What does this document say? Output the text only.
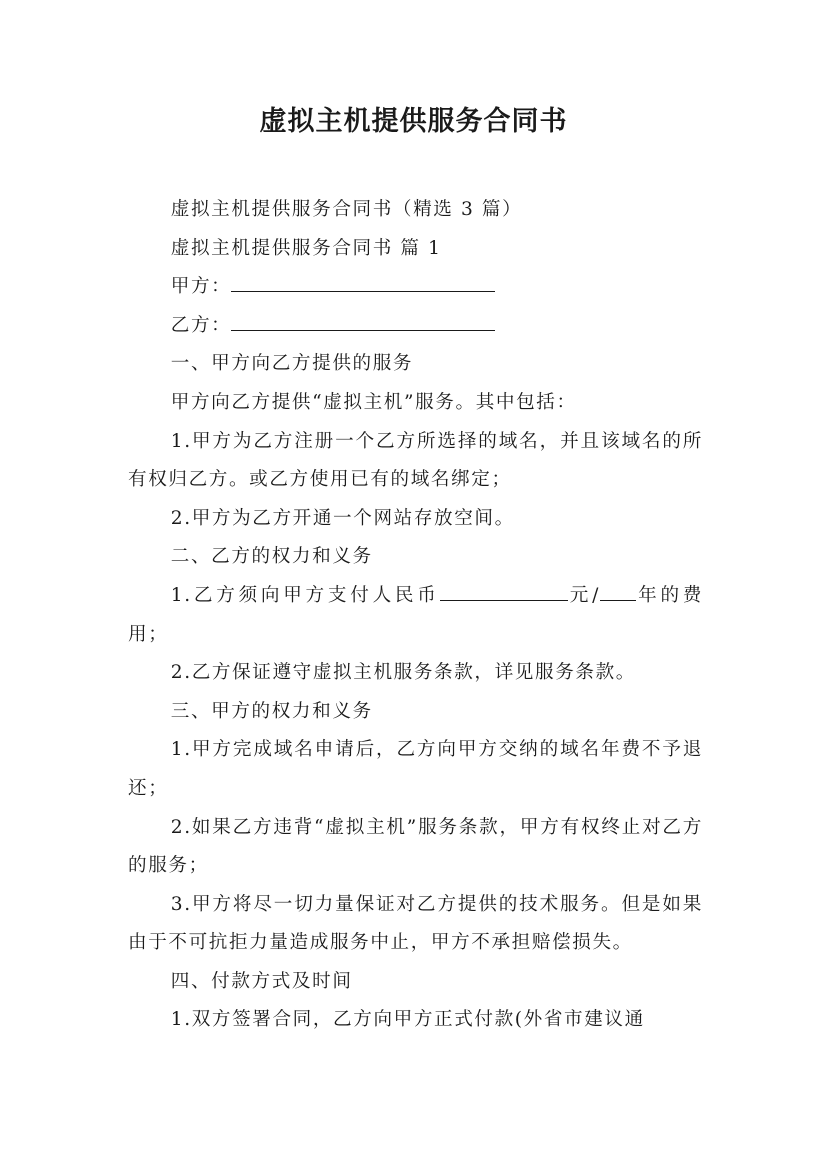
虚拟主机提供服务合同书

虚拟主机提供服务合同书（精选 3 篇）

虚拟主机提供服务合同书 篇 1

甲方：

乙方：

一、甲方向乙方提供的服务

甲方向乙方提供“虚拟主机”服务。其中包括：

1.甲方为乙方注册一个乙方所选择的域名，并且该域名的所有权归乙方。或乙方使用已有的域名绑定；

2.甲方为乙方开通一个网站存放空间。

二、乙方的权力和义务

1.乙方须向甲方支付人民币	元/ 年的费用；

2.乙方保证遵守虚拟主机服务条款，详见服务条款。

三、甲方的权力和义务

1.甲方完成域名申请后，乙方向甲方交纳的域名年费不予退还；

2.如果乙方违背“虚拟主机”服务条款，甲方有权终止对乙方的服务；

3.甲方将尽一切力量保证对乙方提供的技术服务。但是如果由于不可抗拒力量造成服务中止，甲方不承担赔偿损失。

四、付款方式及时间

1.双方签署合同，乙方向甲方正式付款(外省市建议通
